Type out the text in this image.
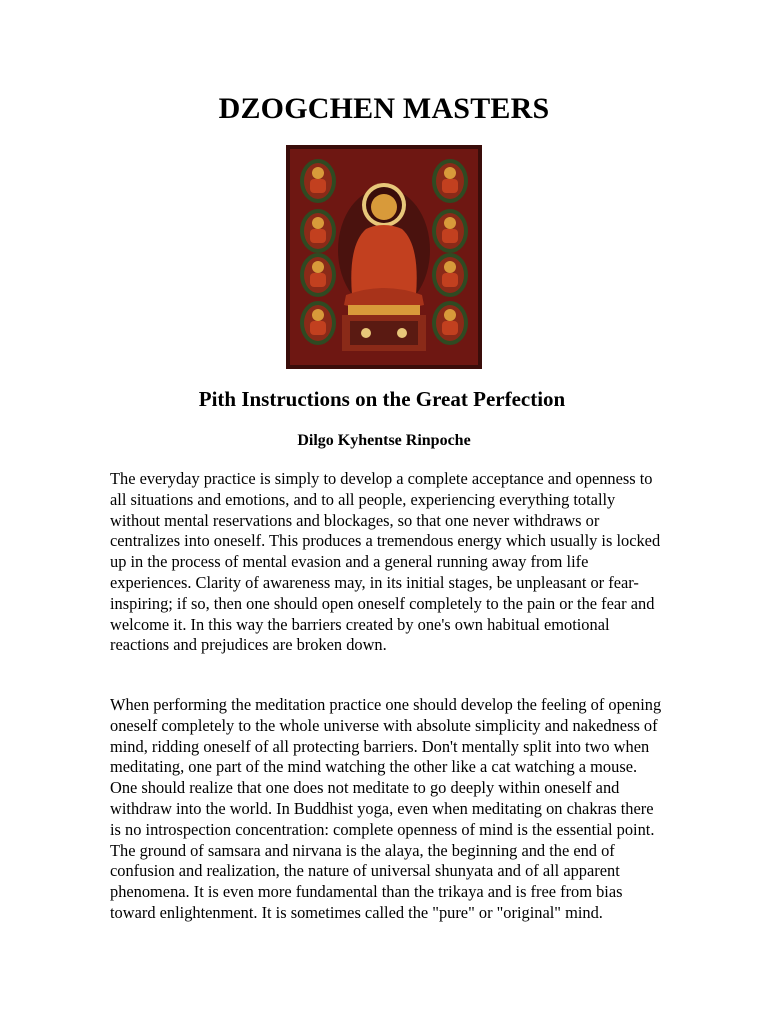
DZOGCHEN MASTERS
Pith Instructions on the Great Perfection
Dilgo Kyhentse Rinpoche

The everyday practice is simply to develop a complete acceptance and openness to all situations and emotions, and to all people, experiencing everything totally without mental reservations and blockages, so that one never withdraws or centralizes into oneself. This produces a tremendous energy which usually is locked up in the process of mental evasion and a general running away from life experiences. Clarity of awareness may, in its initial stages, be unpleasant or fear-inspiring; if so, then one should open oneself completely to the pain or the fear and welcome it. In this way the barriers created by one's own habitual emotional reactions and prejudices are broken down.

When performing the meditation practice one should develop the feeling of opening oneself completely to the whole universe with absolute simplicity and nakedness of mind, ridding oneself of all protecting barriers. Don't mentally split into two when meditating, one part of the mind watching the other like a cat watching a mouse. One should realize that one does not meditate to go deeply within oneself and withdraw into the world. In Buddhist yoga, even when meditating on chakras there is no introspection concentration: complete openness of mind is the essential point. The ground of samsara and nirvana is the alaya, the beginning and the end of confusion and realization, the nature of universal shunyata and of all apparent phenomena. It is even more fundamental than the trikaya and is free from bias toward enlightenment. It is sometimes called the "pure" or "original" mind.
